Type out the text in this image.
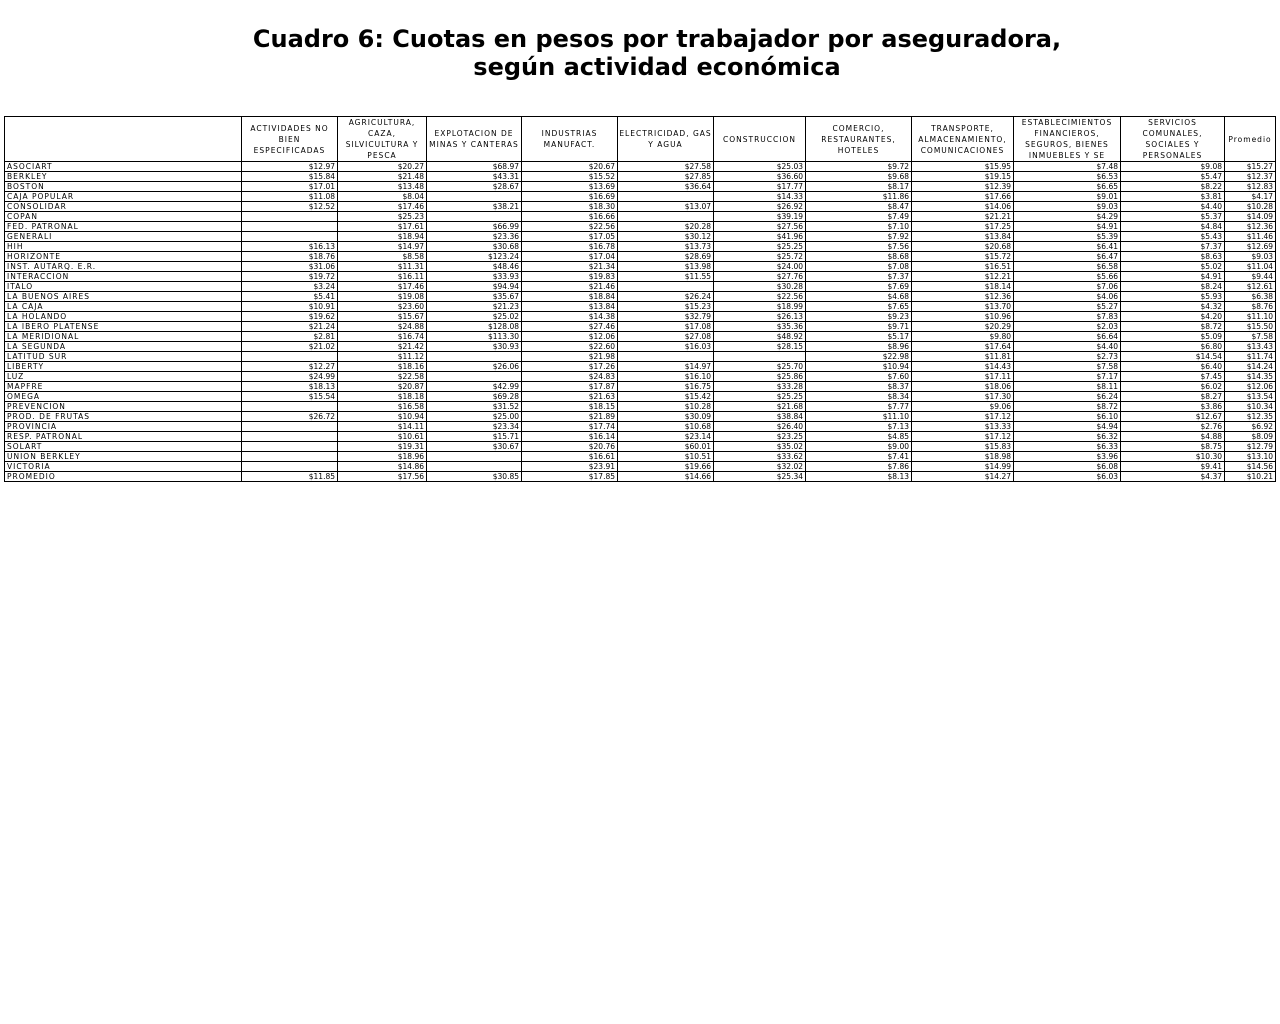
Cuadro 6: Cuotas en pesos por trabajador por aseguradora,
según actividad económica
	ACTIVIDADES NO BIEN ESPECIFICADAS	AGRICULTURA, CAZA, SILVICULTURA Y PESCA	EXPLOTACION DE MINAS Y CANTERAS	INDUSTRIAS MANUFACT.	ELECTRICIDAD, GAS Y AGUA	CONSTRUCCION	COMERCIO, RESTAURANTES, HOTELES	TRANSPORTE, ALMACENAMIENTO, COMUNICACIONES	ESTABLECIMIENTOS FINANCIEROS, SEGUROS, BIENES INMUEBLES Y SE	SERVICIOS COMUNALES, SOCIALES Y PERSONALES	Promedio
ASOCIART	$12.97	$20.27	$68.97	$20.67	$27.58	$25.03	$9.72	$15.95	$7.48	$9.08	$15.27
BERKLEY	$15.84	$21.48	$43.31	$15.52	$27.85	$36.60	$9.68	$19.15	$6.53	$5.47	$12.37
BOSTON	$17.01	$13.48	$28.67	$13.69	$36.64	$17.77	$8.17	$12.39	$6.65	$8.22	$12.83
CAJA POPULAR	$11.08	$8.04		$16.69		$14.33	$11.86	$17.66	$9.01	$3.81	$4.17
CONSOLIDAR	$12.52	$17.46	$38.21	$18.30	$13.07	$26.92	$8.47	$14.06	$9.03	$4.40	$10.28
COPAN		$25.23		$16.66		$39.19	$7.49	$21.21	$4.29	$5.37	$14.09
FED. PATRONAL		$17.61	$66.99	$22.56	$20.28	$27.56	$7.10	$17.25	$4.91	$4.84	$12.36
GENERALI		$18.94	$23.36	$17.05	$30.12	$41.96	$7.92	$13.84	$5.39	$5.43	$11.46
HIH	$16.13	$14.97	$30.68	$16.78	$13.73	$25.25	$7.56	$20.68	$6.41	$7.37	$12.69
HORIZONTE	$18.76	$8.58	$123.24	$17.04	$28.69	$25.72	$8.68	$15.72	$6.47	$8.63	$9.03
INST. AUTARQ. E.R.	$31.06	$11.31	$48.46	$21.34	$13.98	$24.00	$7.08	$16.51	$6.58	$5.02	$11.04
INTERACCION	$19.72	$16.11	$33.93	$19.83	$11.55	$27.76	$7.37	$12.21	$5.66	$4.91	$9.44
ITALO	$3.24	$17.46	$94.94	$21.46		$30.28	$7.69	$18.14	$7.06	$8.24	$12.61
LA BUENOS AIRES	$5.41	$19.08	$35.67	$18.84	$26.24	$22.56	$4.68	$12.36	$4.06	$5.93	$6.38
LA CAJA	$10.91	$23.60	$21.23	$13.84	$15.23	$18.99	$7.65	$13.70	$5.27	$4.32	$8.76
LA HOLANDO	$19.62	$15.67	$25.02	$14.38	$32.79	$26.13	$9.23	$10.96	$7.83	$4.20	$11.10
LA IBERO PLATENSE	$21.24	$24.88	$128.08	$27.46	$17.08	$35.36	$9.71	$20.29	$2.03	$8.72	$15.50
LA MERIDIONAL	$2.81	$16.74	$113.30	$12.06	$27.08	$48.92	$5.17	$9.80	$6.64	$5.09	$7.58
LA SEGUNDA	$21.02	$21.42	$30.93	$22.60	$16.03	$28.15	$8.96	$17.64	$4.40	$6.80	$13.43
LATITUD SUR		$11.12		$21.98			$22.98	$11.81	$2.73	$14.54	$11.74
LIBERTY	$12.27	$18.16	$26.06	$17.26	$14.97	$25.70	$10.94	$14.43	$7.58	$6.40	$14.24
LUZ	$24.99	$22.58		$24.83	$16.10	$25.86	$7.60	$17.11	$7.17	$7.45	$14.35
MAPFRE	$18.13	$20.87	$42.99	$17.87	$16.75	$33.28	$8.37	$18.06	$8.11	$6.02	$12.06
OMEGA	$15.54	$18.18	$69.28	$21.63	$15.42	$25.25	$8.34	$17.30	$6.24	$8.27	$13.54
PREVENCION		$16.58	$31.52	$18.15	$10.28	$21.68	$7.77	$9.06	$8.72	$3.86	$10.34
PROD. DE FRUTAS	$26.72	$10.94	$25.00	$21.89	$30.09	$38.84	$11.10	$17.12	$6.10	$12.67	$12.35
PROVINCIA		$14.11	$23.34	$17.74	$10.68	$26.40	$7.13	$13.33	$4.94	$2.76	$6.92
RESP. PATRONAL		$10.61	$15.71	$16.14	$23.14	$23.25	$4.85	$17.12	$6.32	$4.88	$8.09
SOLART		$19.31	$30.67	$20.76	$60.01	$35.02	$9.00	$15.83	$6.33	$8.75	$12.79
UNION BERKLEY		$18.96		$16.61	$10.51	$33.62	$7.41	$18.98	$3.96	$10.30	$13.10
VICTORIA		$14.86		$23.91	$19.66	$32.02	$7.86	$14.99	$6.08	$9.41	$14.56
PROMEDIO	$11.85	$17.56	$30.85	$17.85	$14.66	$25.34	$8.13	$14.27	$6.03	$4.37	$10.21
